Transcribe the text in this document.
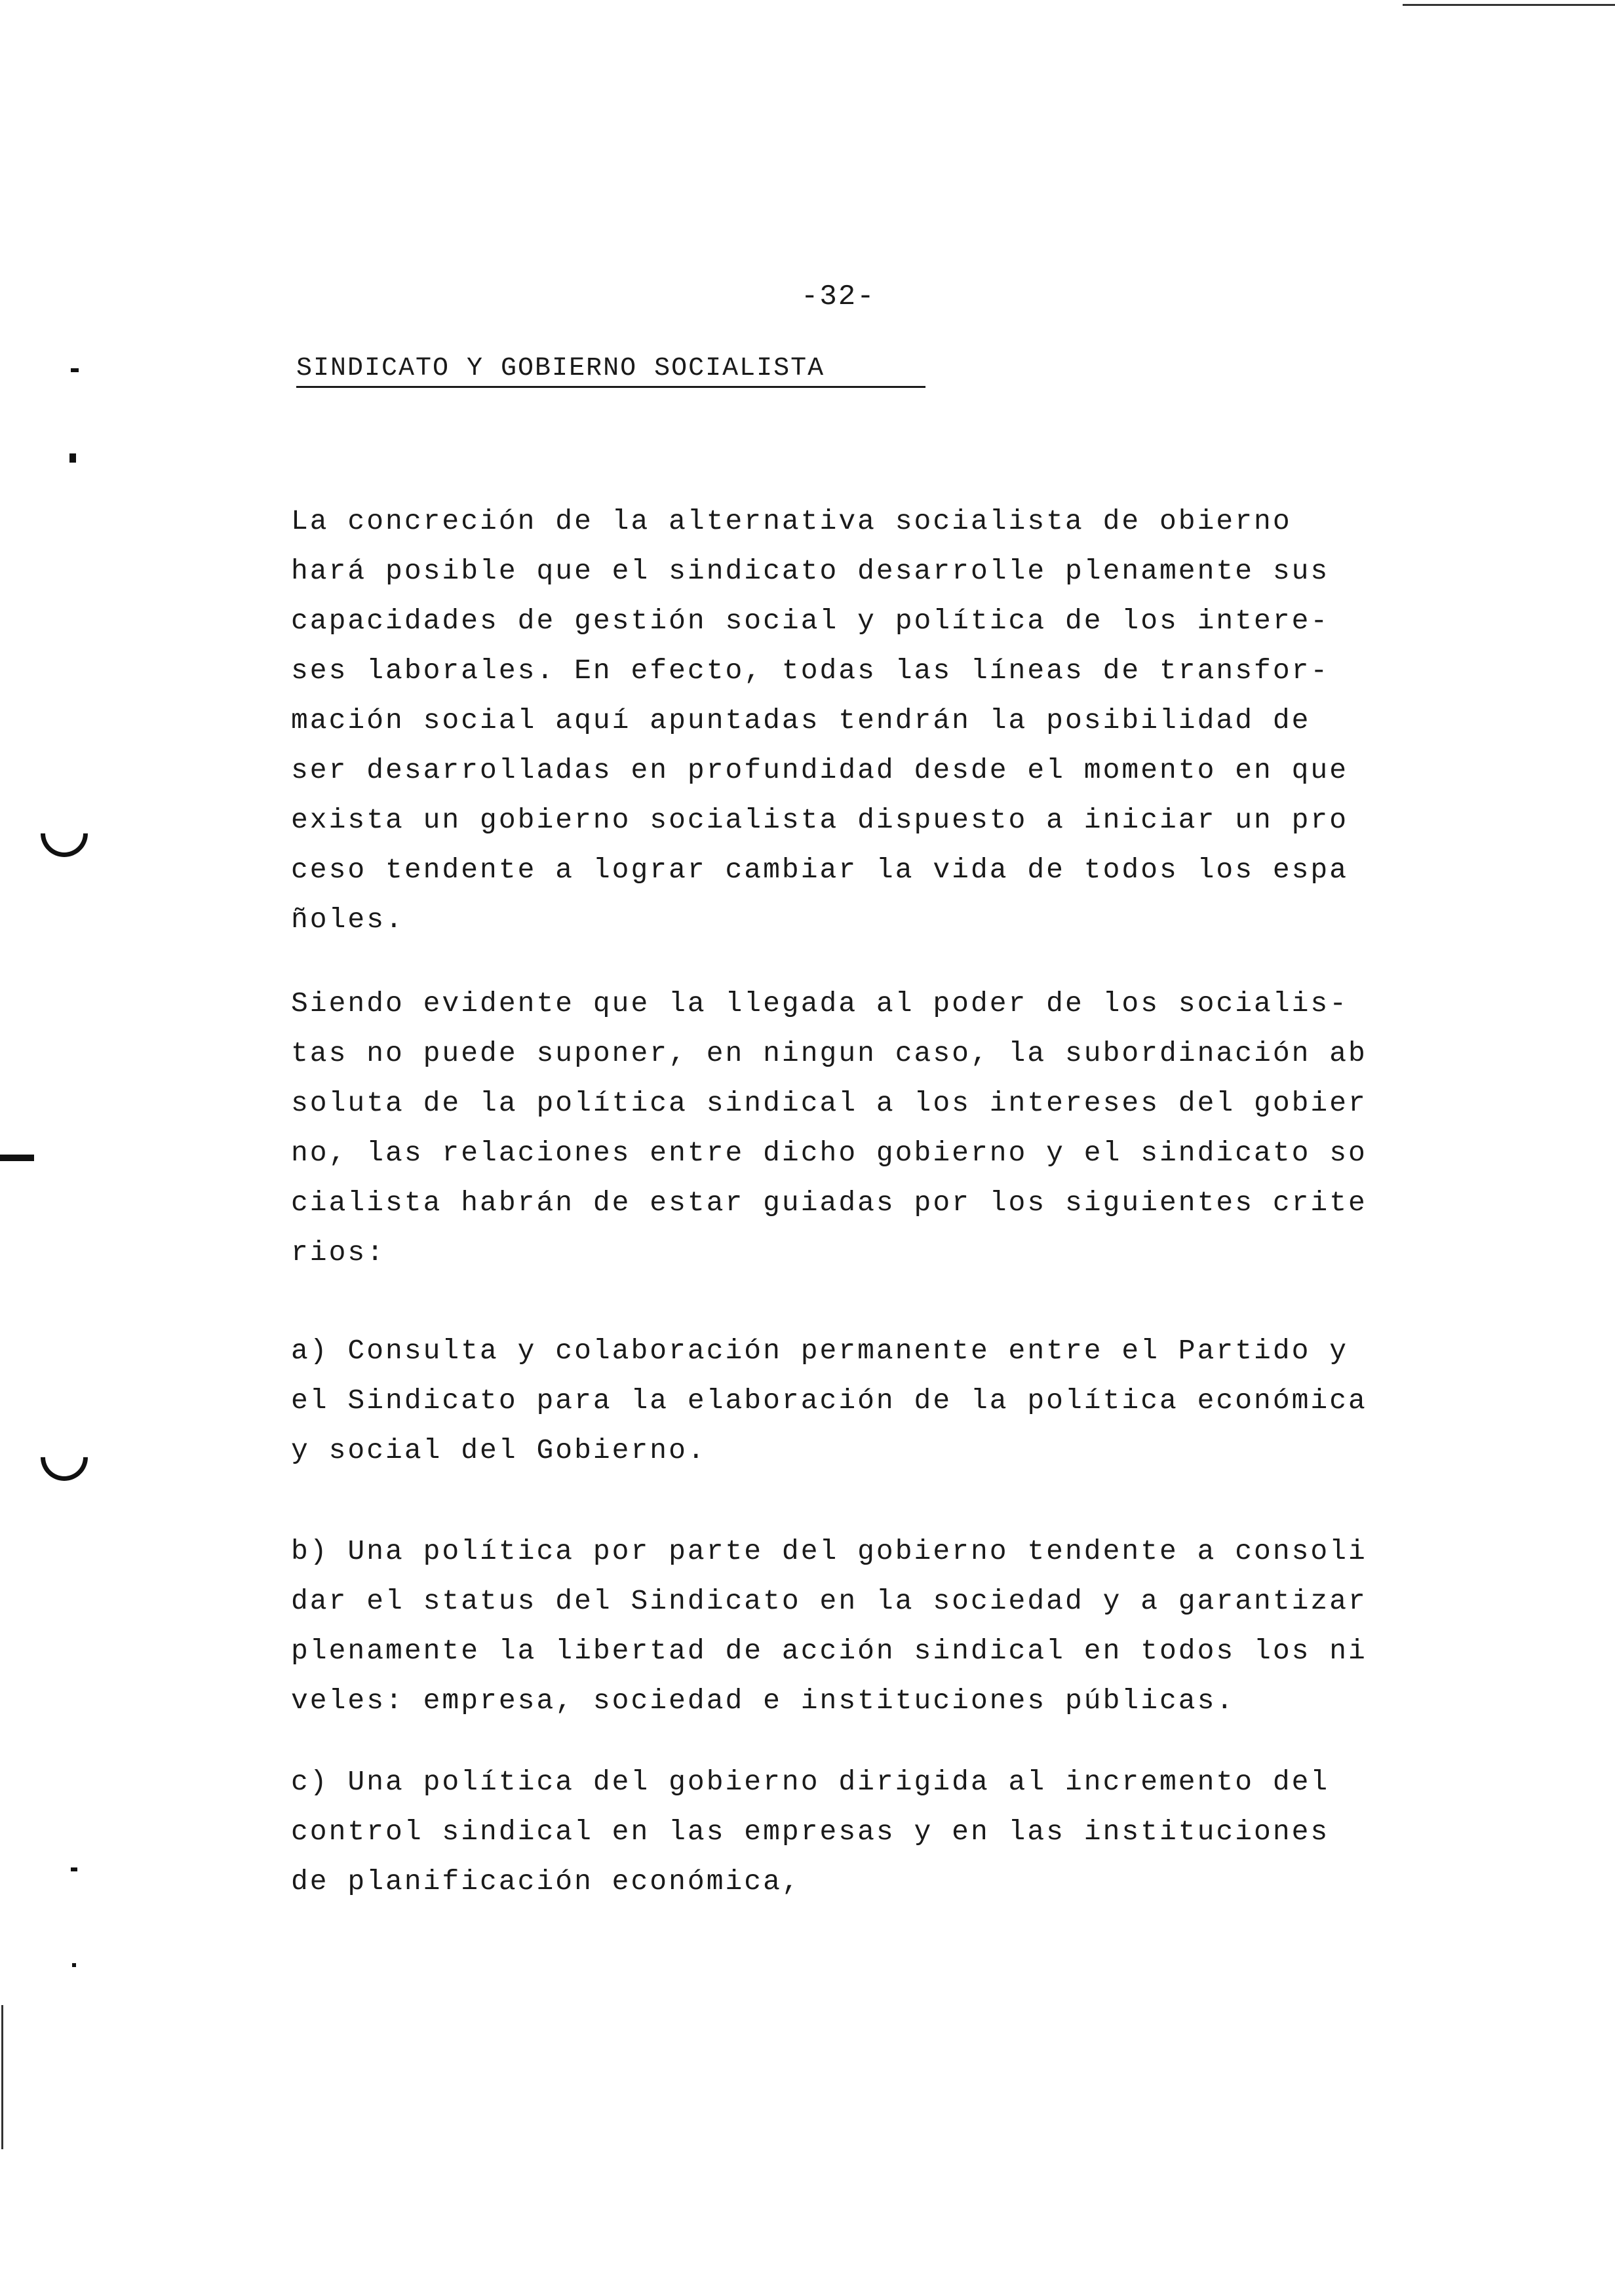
-32-
SINDICATO Y GOBIERNO SOCIALISTA
La concreción de la alternativa socialista de obierno
hará posible que el sindicato desarrolle plenamente sus
capacidades de gestión social y política de los intere-
ses laborales. En efecto, todas las líneas de transfor-
mación social aquí apuntadas tendrán la posibilidad de
ser desarrolladas en profundidad desde el momento en que
exista un gobierno socialista dispuesto a iniciar un pro
ceso tendente a lograr cambiar la vida de todos los espa
ñoles.
Siendo evidente que la llegada al poder de los socialis-
tas no puede suponer, en ningun caso, la subordinación ab
soluta de la política sindical a los intereses del gobier
no, las relaciones entre dicho gobierno y el sindicato so
cialista habrán de estar guiadas por los siguientes crite
rios:
a) Consulta y colaboración permanente entre el Partido y
el Sindicato para la elaboración de la política económica
y social del Gobierno.
b) Una política por parte del gobierno tendente a consoli
dar el status del Sindicato en la sociedad y a garantizar
plenamente la libertad de acción sindical en todos los ni
veles: empresa, sociedad e instituciones públicas.
c) Una política del gobierno dirigida al incremento del
control sindical en las empresas y en las instituciones
de planificación económica,
